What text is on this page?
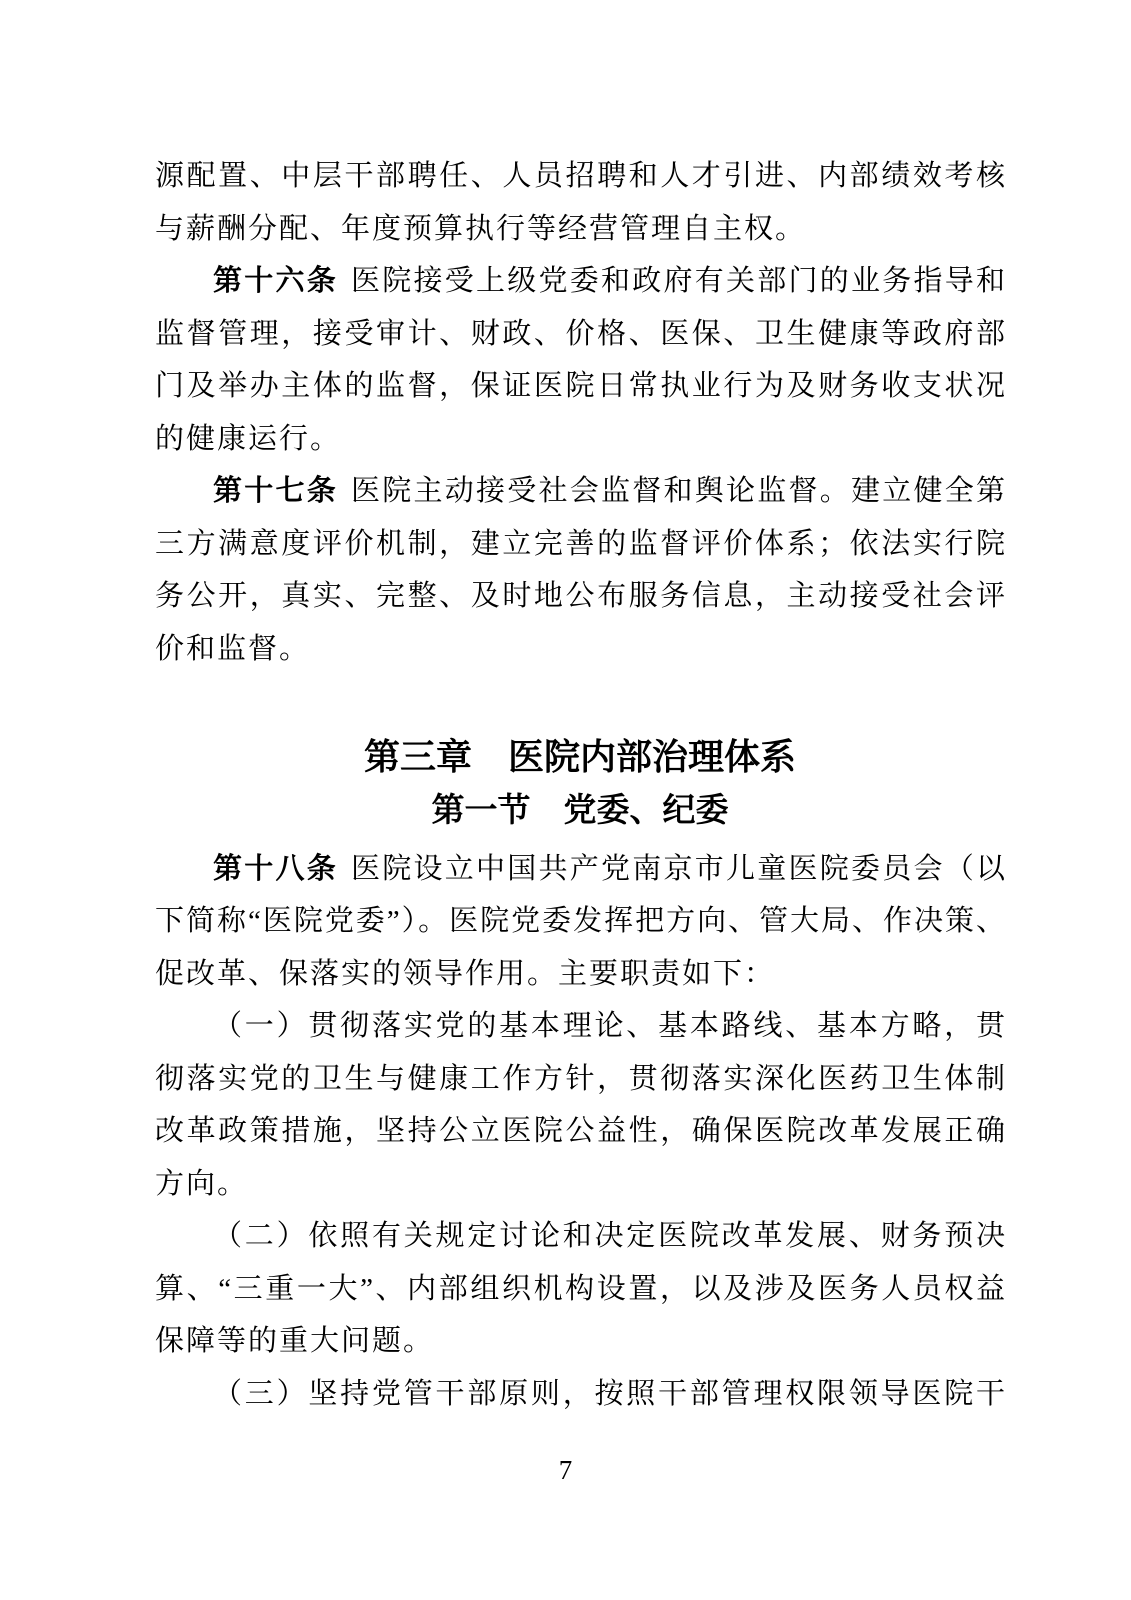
源配置、中层干部聘任、人员招聘和人才引进、内部绩效考核
与薪酬分配、年度预算执行等经营管理自主权。
第十六条 医院接受上级党委和政府有关部门的业务指导和
监督管理，接受审计、财政、价格、医保、卫生健康等政府部
门及举办主体的监督，保证医院日常执业行为及财务收支状况
的健康运行。
第十七条 医院主动接受社会监督和舆论监督。建立健全第
三方满意度评价机制，建立完善的监督评价体系；依法实行院
务公开，真实、完整、及时地公布服务信息，主动接受社会评
价和监督。
第三章　医院内部治理体系
第一节　党委、纪委
第十八条 医院设立中国共产党南京市儿童医院委员会（以
下简称“医院党委”）。医院党委发挥把方向、管大局、作决策、
促改革、保落实的领导作用。主要职责如下：
（一）贯彻落实党的基本理论、基本路线、基本方略，贯
彻落实党的卫生与健康工作方针，贯彻落实深化医药卫生体制
改革政策措施，坚持公立医院公益性，确保医院改革发展正确
方向。
（二）依照有关规定讨论和决定医院改革发展、财务预决
算、“三重一大”、内部组织机构设置，以及涉及医务人员权益
保障等的重大问题。
（三）坚持党管干部原则，按照干部管理权限领导医院干
7
